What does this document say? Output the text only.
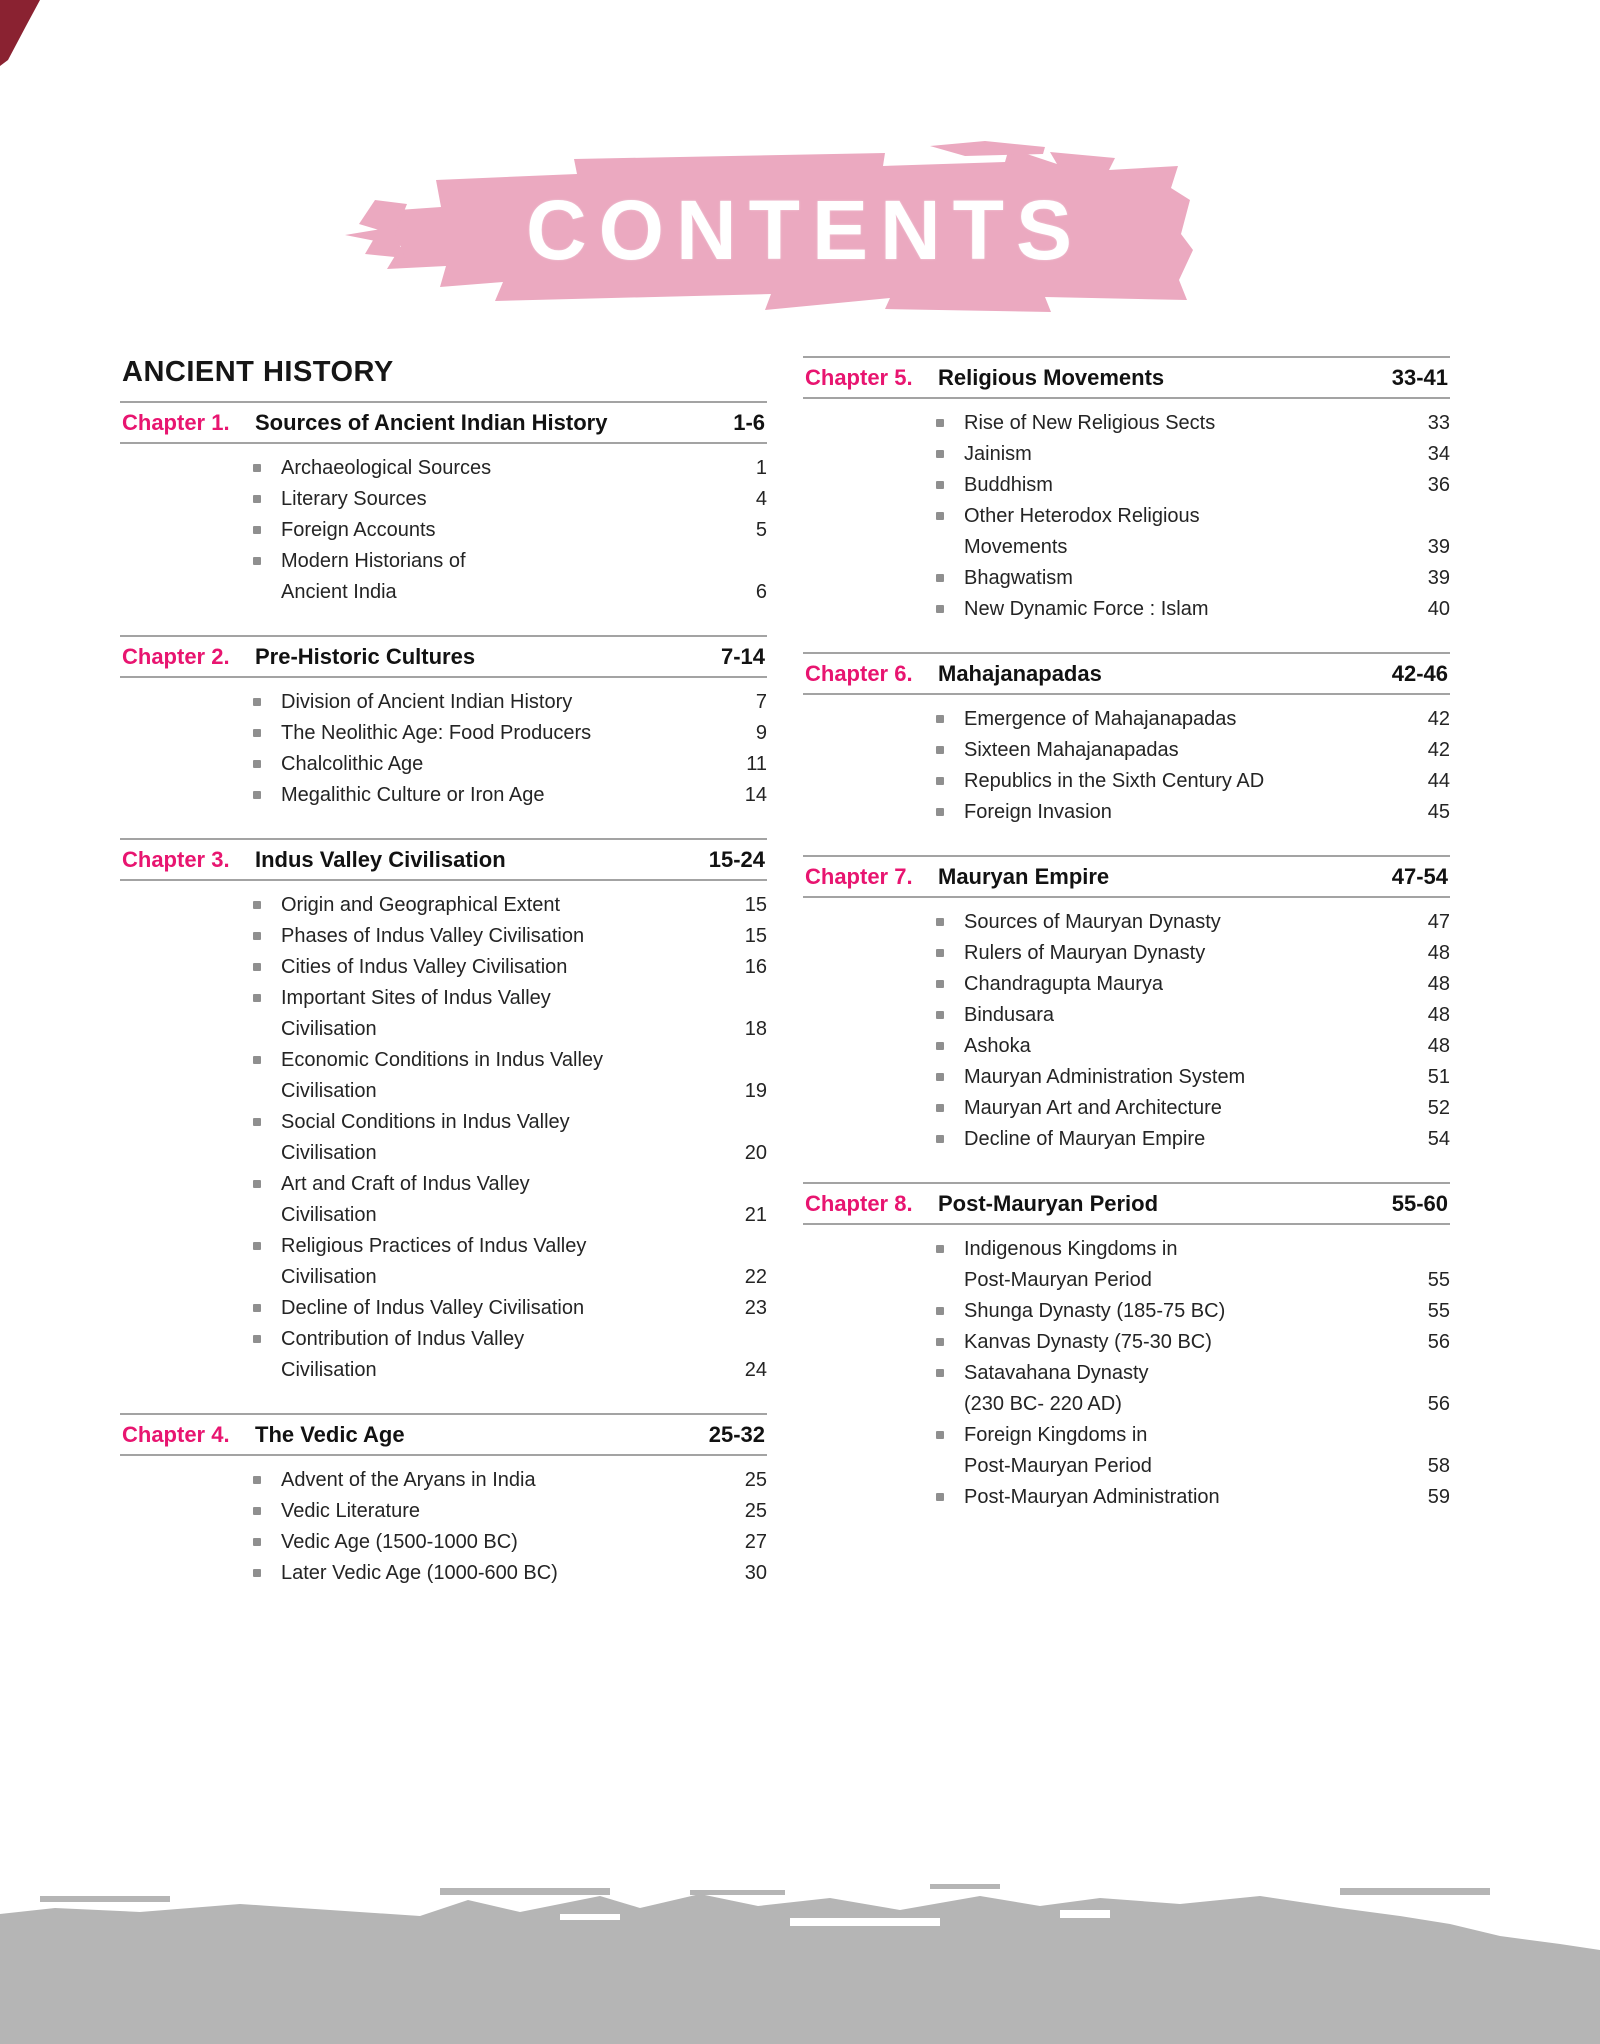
CONTENTS
ANCIENT HISTORY
Chapter 1.	Sources of Ancient Indian History	1-6
Archaeological Sources	1
Literary Sources	4
Foreign Accounts	5
Modern Historians of
Ancient India	6
Chapter 2.	Pre-Historic Cultures	7-14
Division of Ancient Indian History	7
The Neolithic Age: Food Producers	9
Chalcolithic Age	11
Megalithic Culture or Iron Age	14
Chapter 3.	Indus Valley Civilisation	15-24
Origin and Geographical Extent	15
Phases of Indus Valley Civilisation	15
Cities of Indus Valley Civilisation	16
Important Sites of Indus Valley
Civilisation	18
Economic Conditions in Indus Valley
Civilisation	19
Social Conditions in Indus Valley
Civilisation	20
Art and Craft of Indus Valley
Civilisation	21
Religious Practices of Indus Valley
Civilisation	22
Decline of Indus Valley Civilisation	23
Contribution of Indus Valley
Civilisation	24
Chapter 4.	The Vedic Age	25-32
Advent of the Aryans in India	25
Vedic Literature	25
Vedic Age (1500-1000 BC)	27
Later Vedic Age (1000-600 BC)	30
Chapter 5.	Religious Movements	33-41
Rise of New Religious Sects	33
Jainism	34
Buddhism	36
Other Heterodox Religious
Movements	39
Bhagwatism	39
New Dynamic Force : Islam	40
Chapter 6.	Mahajanapadas	42-46
Emergence of Mahajanapadas	42
Sixteen Mahajanapadas	42
Republics in the Sixth Century AD	44
Foreign Invasion	45
Chapter 7.	Mauryan Empire	47-54
Sources of Mauryan Dynasty	47
Rulers of Mauryan Dynasty	48
Chandragupta Maurya	48
Bindusara	48
Ashoka	48
Mauryan Administration System	51
Mauryan Art and Architecture	52
Decline of Mauryan Empire	54
Chapter 8.	Post-Mauryan Period	55-60
Indigenous Kingdoms in
Post-Mauryan Period	55
Shunga Dynasty (185-75 BC)	55
Kanvas Dynasty (75-30 BC)	56
Satavahana Dynasty
(230 BC- 220 AD)	56
Foreign Kingdoms in
Post-Mauryan Period	58
Post-Mauryan Administration	59
